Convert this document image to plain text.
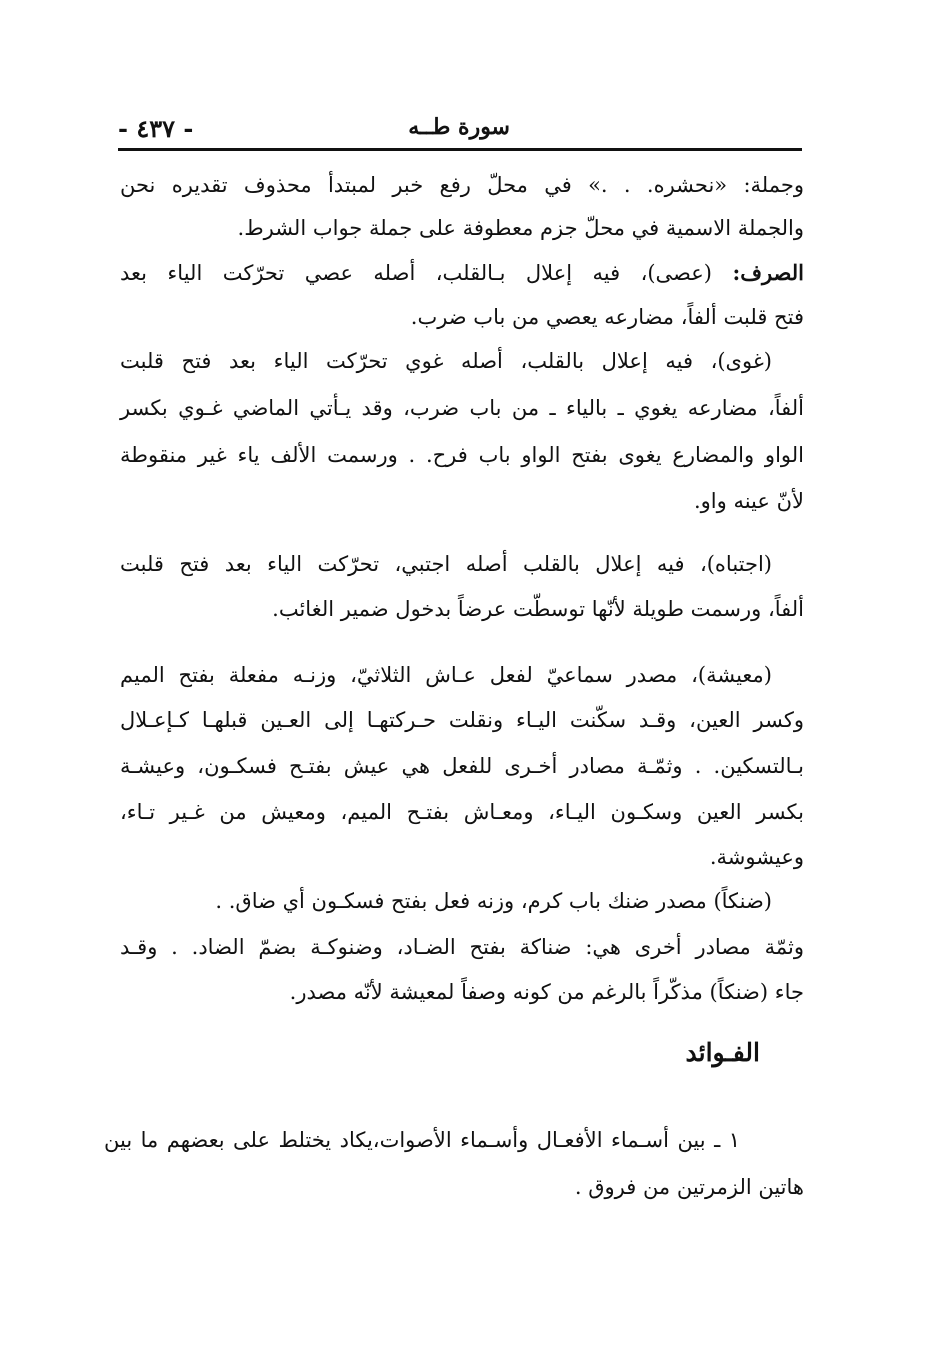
- ٤٣٧ -	سورة طــه
وجملة: «نحشره. . .» في محلّ رفع خبر لمبتدأ محذوف تقديره نحن
والجملة الاسمية في محلّ جزم معطوفة على جملة جواب الشرط.
الصرف: (عصى)، فيه إعلال بـالقلب، أصله عصي تحرّكت الياء بعد
فتح قلبت ألفاً، مضارعه يعصي من باب ضرب.
(غوى)، فيه إعلال بالقلب، أصله غوي تحرّكت الياء بعد فتح قلبت
ألفاً، مضارعه يغوي ـ بالياء ـ من باب ضرب، وقد يـأتي الماضي غـوي بكسر
الواو والمضارع يغوى بفتح الواو باب فرح. . ورسمت الألف ياء غير منقوطة
لأنّ عينه واو.
(اجتباه)، فيه إعلال بالقلب أصله اجتبي، تحرّكت الياء بعد فتح قلبت
ألفاً، ورسمت طويلة لأنّها توسطّت عرضاً بدخول ضمير الغائب.
(معيشة)، مصدر سماعيّ لفعل عـاش الثلاثيّ، وزنـه مفعلة بفتح الميم
وكسر العين، وقـد سكّنت اليـاء ونقلت حـركتهـا إلى العـين قبلهـا كـإعـلال
بـالتسكين. . وثمّـة مصادر أخـرى للفعل هي عيش بفتـح فسكـون، وعيشـة
بكسر العين وسكـون اليـاء، ومعـاش بفتـح الميم، ومعيش من غـير تـاء،
وعيشوشة.
(ضنكاً) مصدر ضنك باب كرم، وزنه فعل بفتح فسكـون أي ضاق. .
وثمّة مصادر أخرى هي: ضناكة بفتح الضـاد، وضنوكـة بضمّ الضاد. . وقـد
جاء (ضنكاً) مذكّراً بالرغم من كونه وصفاً لمعيشة لأنّه مصدر.
الفـوائد
١ ـ بين أسـماء الأفعـال وأسـماء الأصوات،يكاد يختلط على بعضهم ما بين
هاتين الزمرتين من فروق .
